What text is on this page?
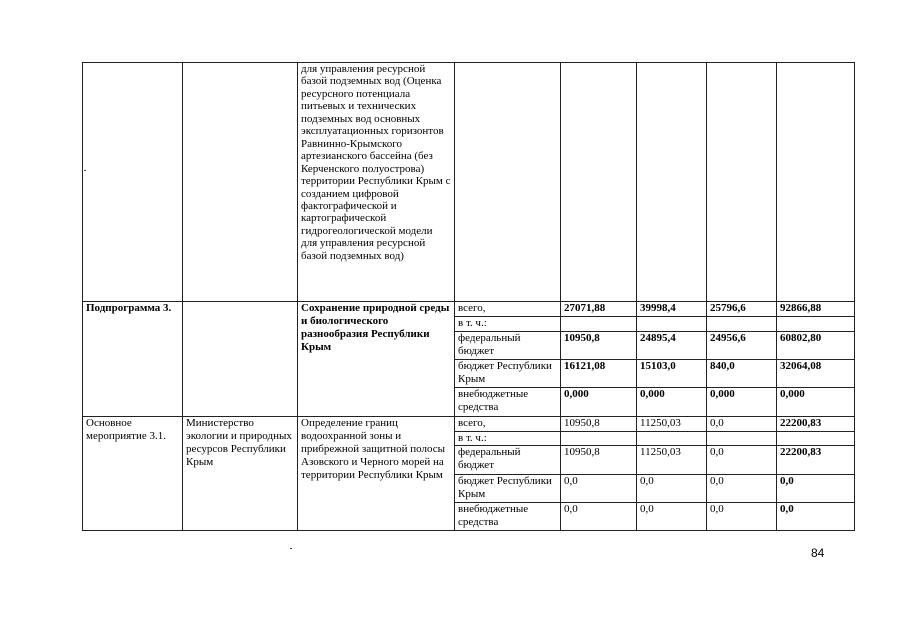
		для управления ресурсной базой подземных вод (Оценка ресурсного потенциала питьевых и технических подземных вод основных эксплуатационных горизонтов Равнинно-Крымского артезианского бассейна (без Керченского полуострова) территории Республики Крым с созданием цифровой фактографической и картографической гидрогеологической модели для управления ресурсной базой подземных вод)					
Подпрограмма 3.		Сохранение природной среды и биологического разнообразия Республики Крым	всего,	27071,88	39998,4	25796,6	92866,88
			в т. ч.:				
			федеральный бюджет	10950,8	24895,4	24956,6	60802,80
			бюджет Республики Крым	16121,08	15103,0	840,0	32064,08
			внебюджетные средства	0,000	0,000	0,000	0,000
Основное мероприятие 3.1.	Министерство экологии и природных ресурсов Республики Крым	Определение границ водоохранной зоны и прибрежной защитной полосы Азовского и Черного морей на территории Республики Крым	всего,	10950,8	11250,03	0,0	22200,83
			в т. ч.:				
			федеральный бюджет	10950,8	11250,03	0,0	22200,83
			бюджет Республики Крым	0,0	0,0	0,0	0,0
			внебюджетные средства	0,0	0,0	0,0	0,0
84
